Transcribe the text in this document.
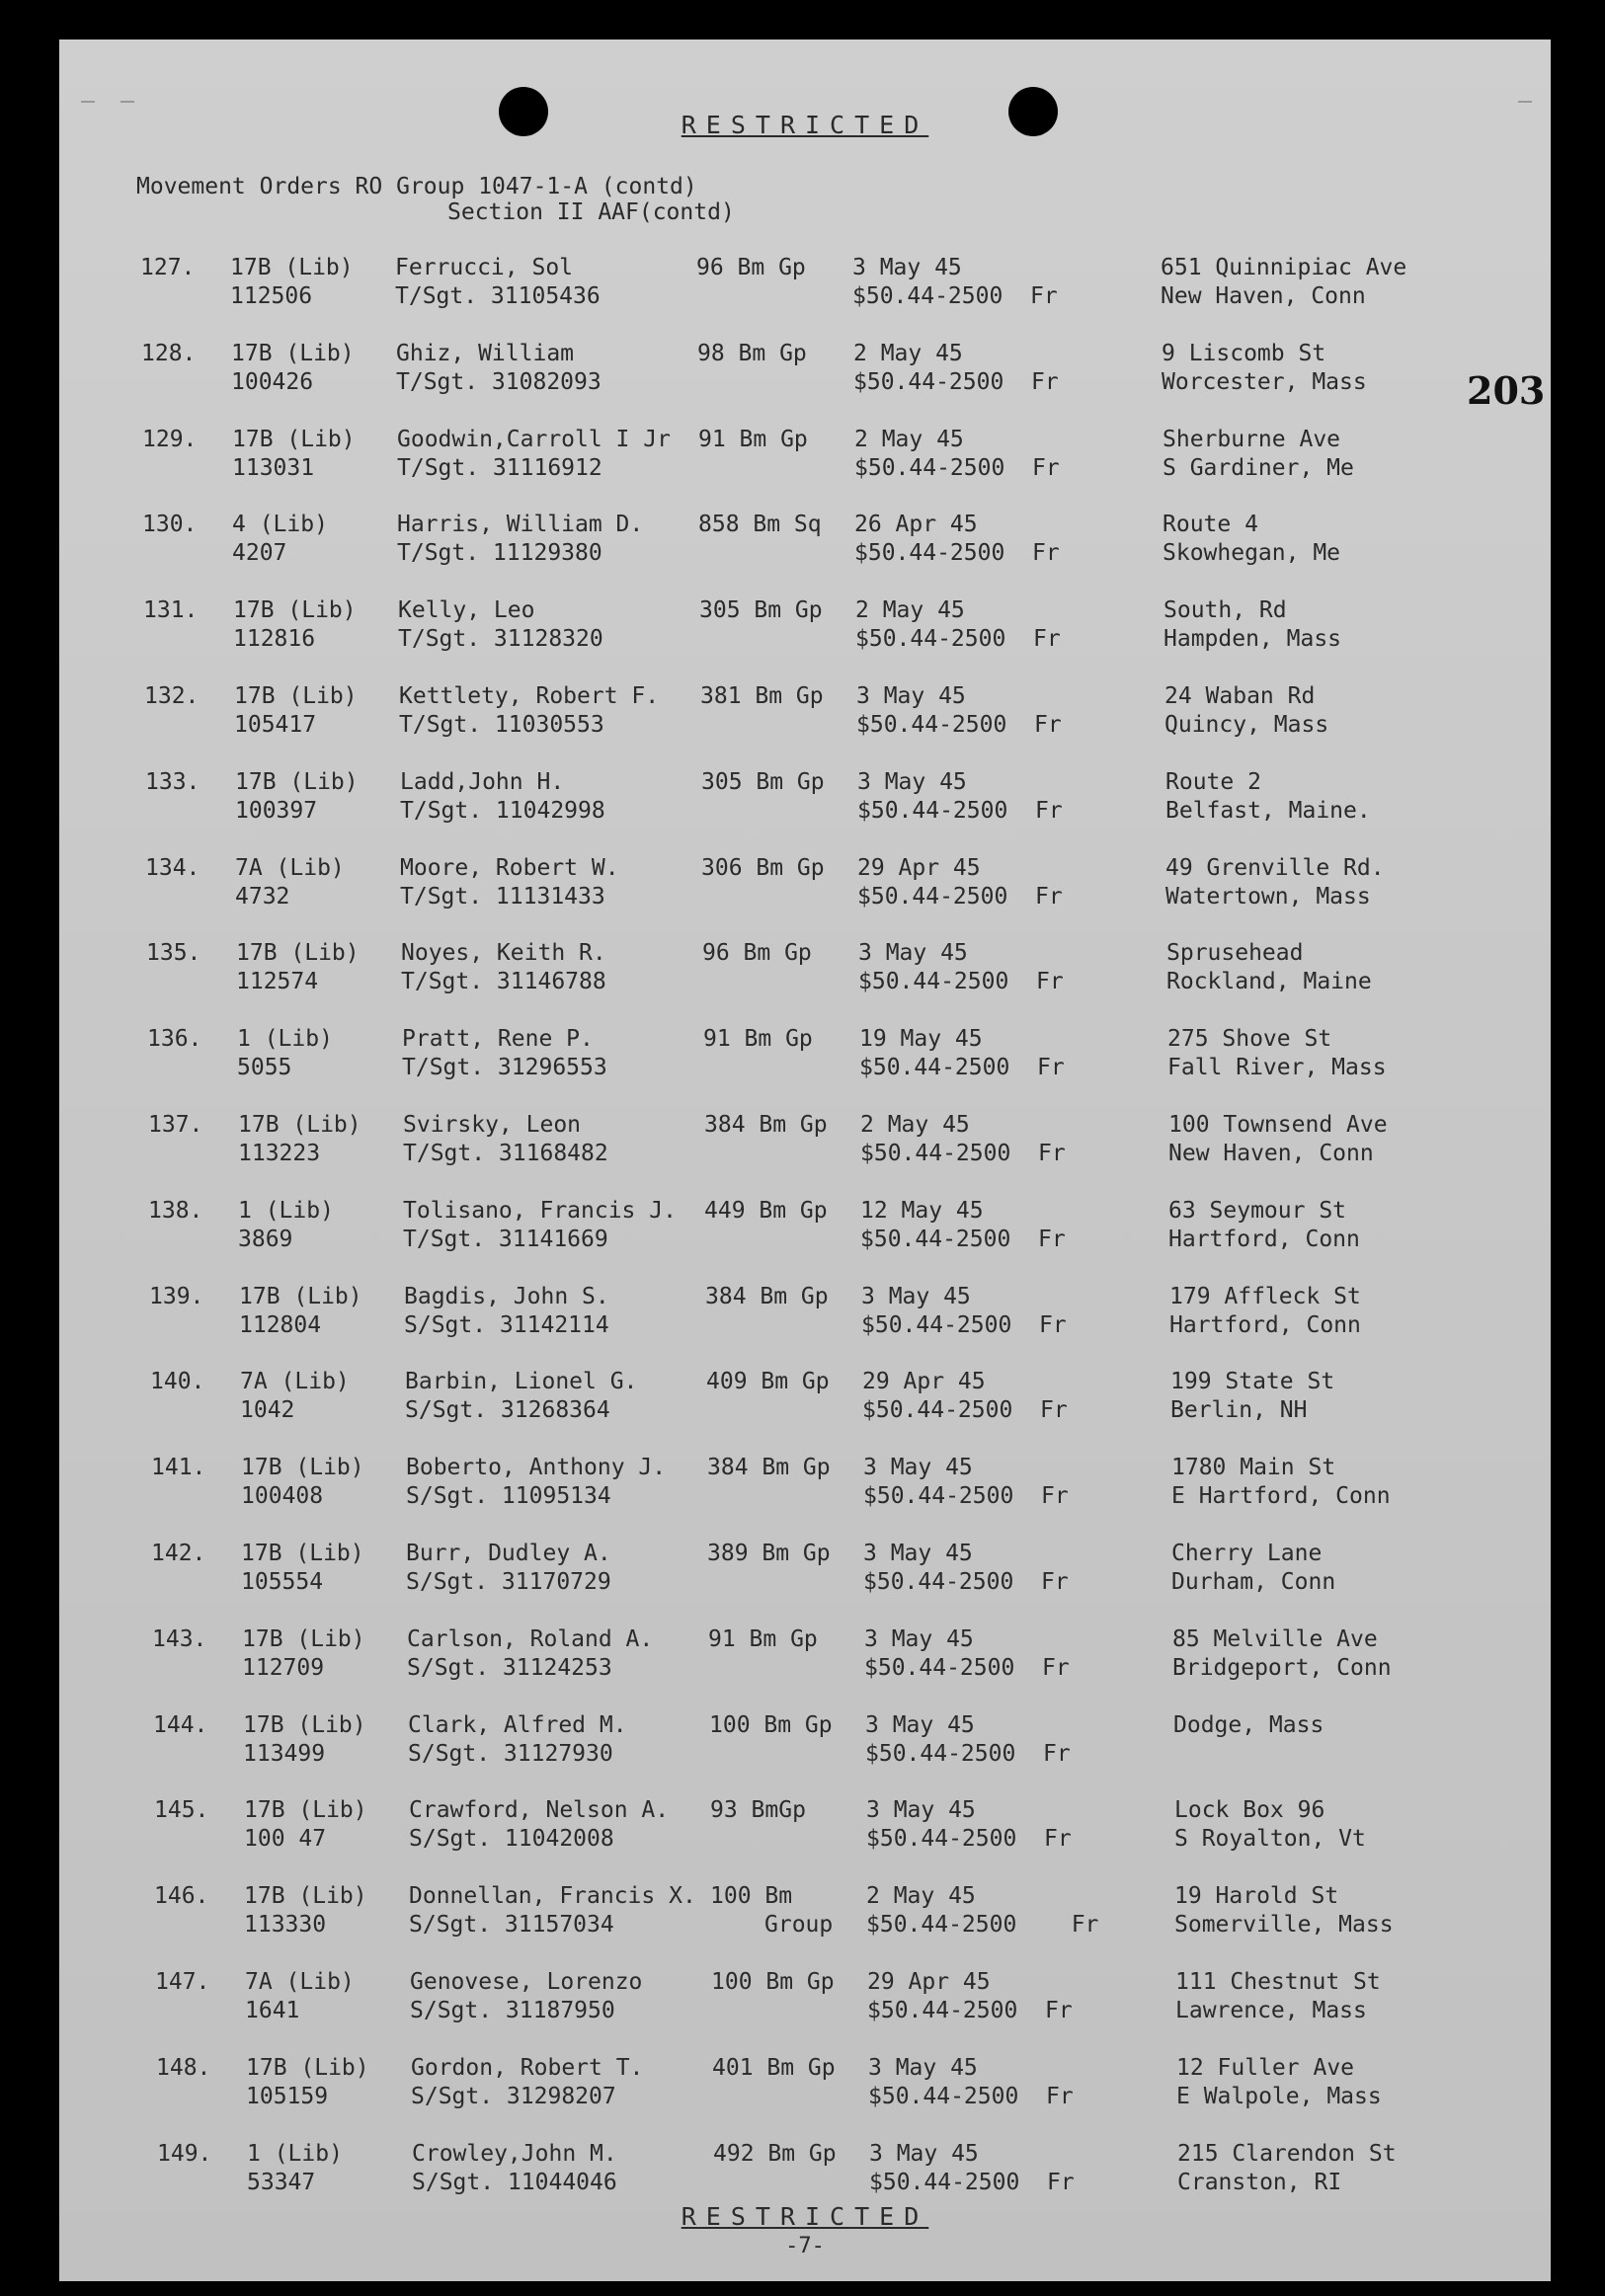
RESTRICTED
Movement Orders RO Group 1047-1-A (contd)
Section II AAF(contd)
203
127. 17B (Lib)
112506
Ferrucci, Sol
T/Sgt. 31105436
96 Bm Gp 3 May 45
$50.44-2500  Fr
651 Quinnipiac Ave
New Haven, Conn
128. 17B (Lib)
100426
Ghiz, William
T/Sgt. 31082093
98 Bm Gp 2 May 45
$50.44-2500  Fr
9 Liscomb St
Worcester, Mass
129. 17B (Lib)
113031
Goodwin,Carroll I Jr
T/Sgt. 31116912
91 Bm Gp 2 May 45
$50.44-2500  Fr
Sherburne Ave
S Gardiner, Me
130. 4 (Lib)
4207
Harris, William D.
T/Sgt. 11129380
858 Bm Sq 26 Apr 45
$50.44-2500  Fr
Route 4
Skowhegan, Me
131. 17B (Lib)
112816
Kelly, Leo
T/Sgt. 31128320
305 Bm Gp 2 May 45
$50.44-2500  Fr
South, Rd
Hampden, Mass
132. 17B (Lib)
105417
Kettlety, Robert F.
T/Sgt. 11030553
381 Bm Gp 3 May 45
$50.44-2500  Fr
24 Waban Rd
Quincy, Mass
133. 17B (Lib)
100397
Ladd,John H.
T/Sgt. 11042998
305 Bm Gp 3 May 45
$50.44-2500  Fr
Route 2
Belfast, Maine.
134. 7A (Lib)
4732
Moore, Robert W.
T/Sgt. 11131433
306 Bm Gp 29 Apr 45
$50.44-2500  Fr
49 Grenville Rd.
Watertown, Mass
135. 17B (Lib)
112574
Noyes, Keith R.
T/Sgt. 31146788
96 Bm Gp 3 May 45
$50.44-2500  Fr
Sprusehead
Rockland, Maine
136. 1 (Lib)
5055
Pratt, Rene P.
T/Sgt. 31296553
91 Bm Gp 19 May 45
$50.44-2500  Fr
275 Shove St
Fall River, Mass
137. 17B (Lib)
113223
Svirsky, Leon
T/Sgt. 31168482
384 Bm Gp 2 May 45
$50.44-2500  Fr
100 Townsend Ave
New Haven, Conn
138. 1 (Lib)
3869
Tolisano, Francis J.
T/Sgt. 31141669
449 Bm Gp 12 May 45
$50.44-2500  Fr
63 Seymour St
Hartford, Conn
139. 17B (Lib)
112804
Bagdis, John S.
S/Sgt. 31142114
384 Bm Gp 3 May 45
$50.44-2500  Fr
179 Affleck St
Hartford, Conn
140. 7A (Lib)
1042
Barbin, Lionel G.
S/Sgt. 31268364
409 Bm Gp 29 Apr 45
$50.44-2500  Fr
199 State St
Berlin, NH
141. 17B (Lib)
100408
Boberto, Anthony J.
S/Sgt. 11095134
384 Bm Gp 3 May 45
$50.44-2500  Fr
1780 Main St
E Hartford, Conn
142. 17B (Lib)
105554
Burr, Dudley A.
S/Sgt. 31170729
389 Bm Gp 3 May 45
$50.44-2500  Fr
Cherry Lane
Durham, Conn
143. 17B (Lib)
112709
Carlson, Roland A.
S/Sgt. 31124253
91 Bm Gp 3 May 45
$50.44-2500  Fr
85 Melville Ave
Bridgeport, Conn
144. 17B (Lib)
113499
Clark, Alfred M.
S/Sgt. 31127930
100 Bm Gp 3 May 45
$50.44-2500  Fr
Dodge, Mass
145. 17B (Lib)
100 47
Crawford, Nelson A.
S/Sgt. 11042008
93 BmGp	3 May 45
$50.44-2500  Fr
Lock Box 96
S Royalton, Vt
146. 17B (Lib)
113330
Donnellan, Francis X.
S/Sgt. 31157034
100 Bm
Group
2 May 45
$50.44-2500    Fr
19 Harold St
Somerville, Mass
147. 7A (Lib)
1641
Genovese, Lorenzo
S/Sgt. 31187950
100 Bm Gp 29 Apr 45
$50.44-2500  Fr
111 Chestnut St
Lawrence, Mass
148. 17B (Lib)
105159
Gordon, Robert T.
S/Sgt. 31298207
401 Bm Gp 3 May 45
$50.44-2500  Fr
12 Fuller Ave
E Walpole, Mass
149. 1 (Lib)
53347
Crowley,John M.
S/Sgt. 11044046
492 Bm Gp 3 May 45
$50.44-2500  Fr
215 Clarendon St
Cranston, RI
RESTRICTED
-7-
